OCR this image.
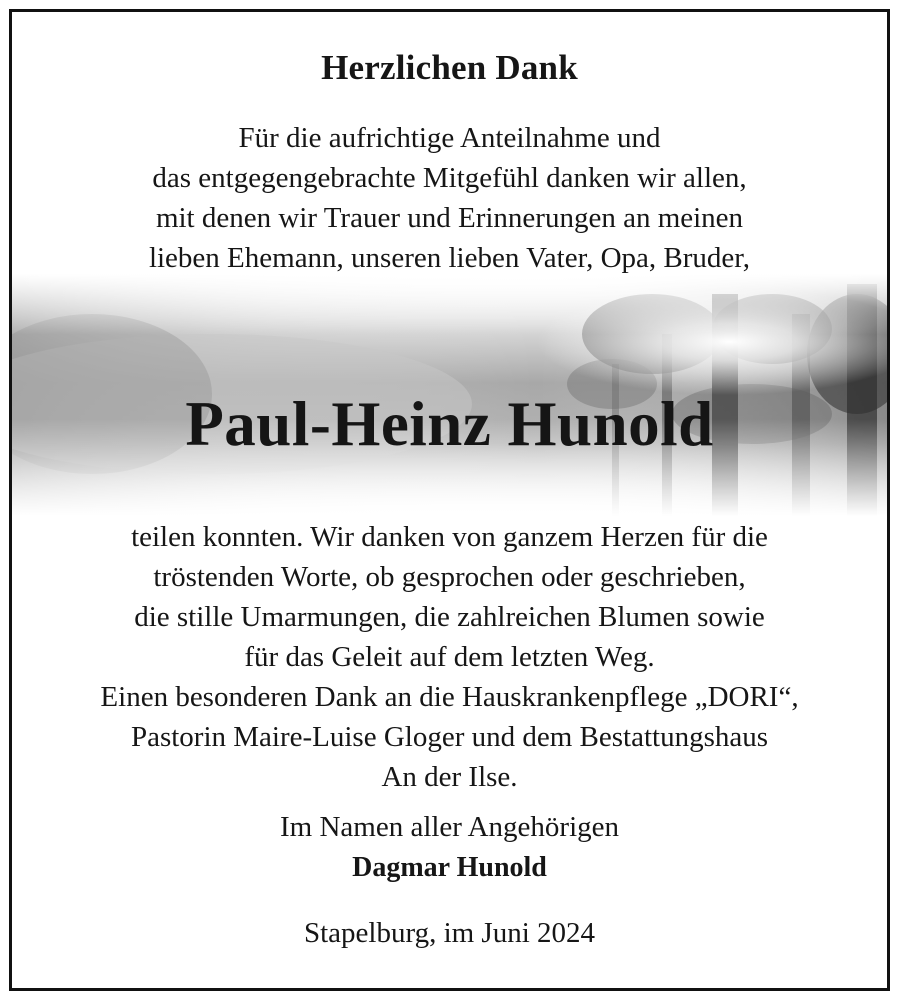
Herzlichen Dank
Für die aufrichtige Anteilnahme und
das entgegengebrachte Mitgefühl danken wir allen,
mit denen wir Trauer und Erinnerungen an meinen
lieben Ehemann, unseren lieben Vater, Opa, Bruder,
Paul-Heinz Hunold
teilen konnten. Wir danken von ganzem Herzen für die
tröstenden Worte, ob gesprochen oder geschrieben,
die stille Umarmungen, die zahlreichen Blumen sowie
für das Geleit auf dem letzten Weg.
Einen besonderen Dank an die Hauskrankenpflege „DORI“,
Pastorin Maire-Luise Gloger und dem Bestattungshaus
An der Ilse.
Im Namen aller Angehörigen
Dagmar Hunold
Stapelburg, im Juni 2024
